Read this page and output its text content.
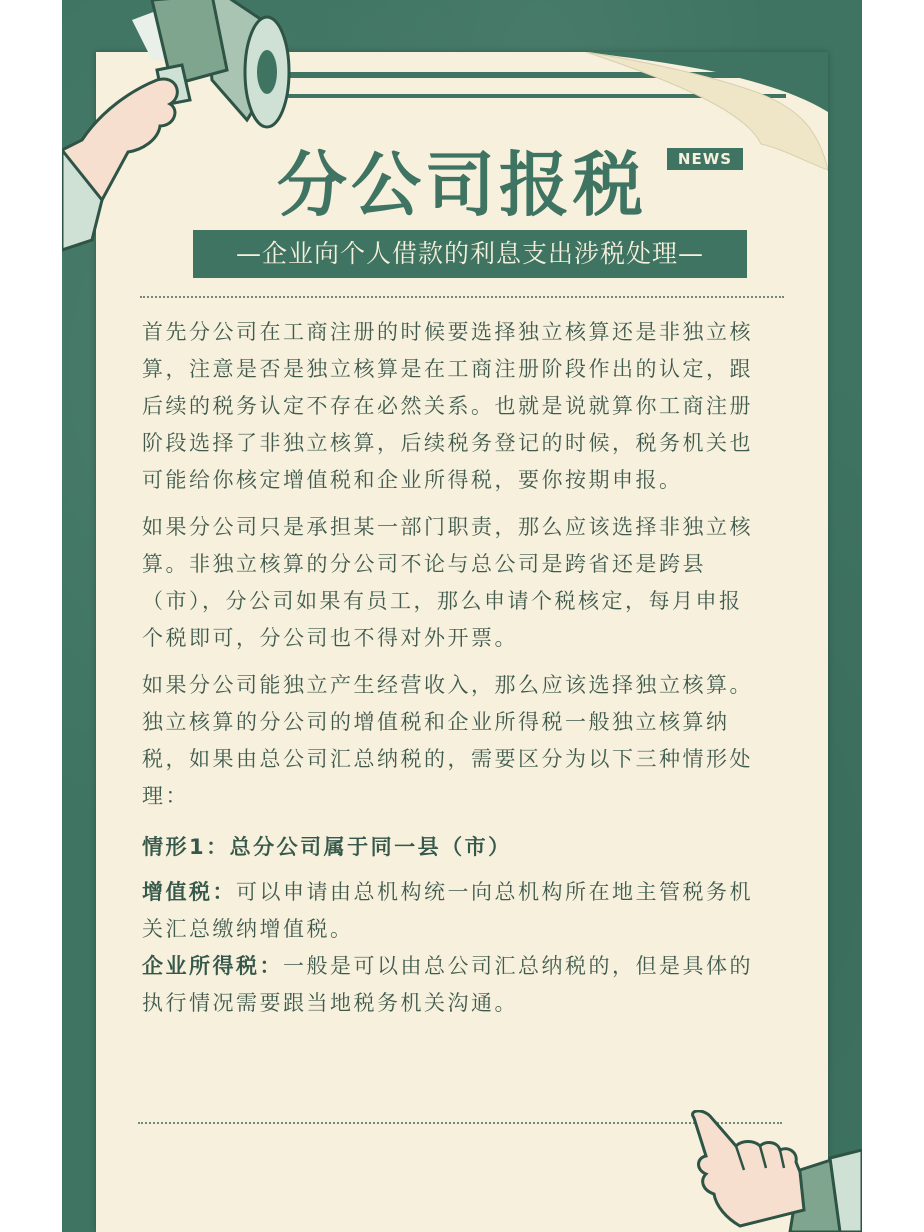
分公司报税	NEWS
—企业向个人借款的利息支出涉税处理—

首先分公司在工商注册的时候要选择独立核算还是非独立核算，注意是否是独立核算是在工商注册阶段作出的认定，跟后续的税务认定不存在必然关系。也就是说就算你工商注册阶段选择了非独立核算，后续税务登记的时候，税务机关也可能给你核定增值税和企业所得税，要你按期申报。

如果分公司只是承担某一部门职责，那么应该选择非独立核算。非独立核算的分公司不论与总公司是跨省还是跨县（市），分公司如果有员工，那么申请个税核定，每月申报个税即可，分公司也不得对外开票。

如果分公司能独立产生经营收入，那么应该选择独立核算。独立核算的分公司的增值税和企业所得税一般独立核算纳税，如果由总公司汇总纳税的，需要区分为以下三种情形处理：

情形1：总分公司属于同一县（市）

增值税：可以申请由总机构统一向总机构所在地主管税务机关汇总缴纳增值税。

企业所得税：一般是可以由总公司汇总纳税的，但是具体的执行情况需要跟当地税务机关沟通。
